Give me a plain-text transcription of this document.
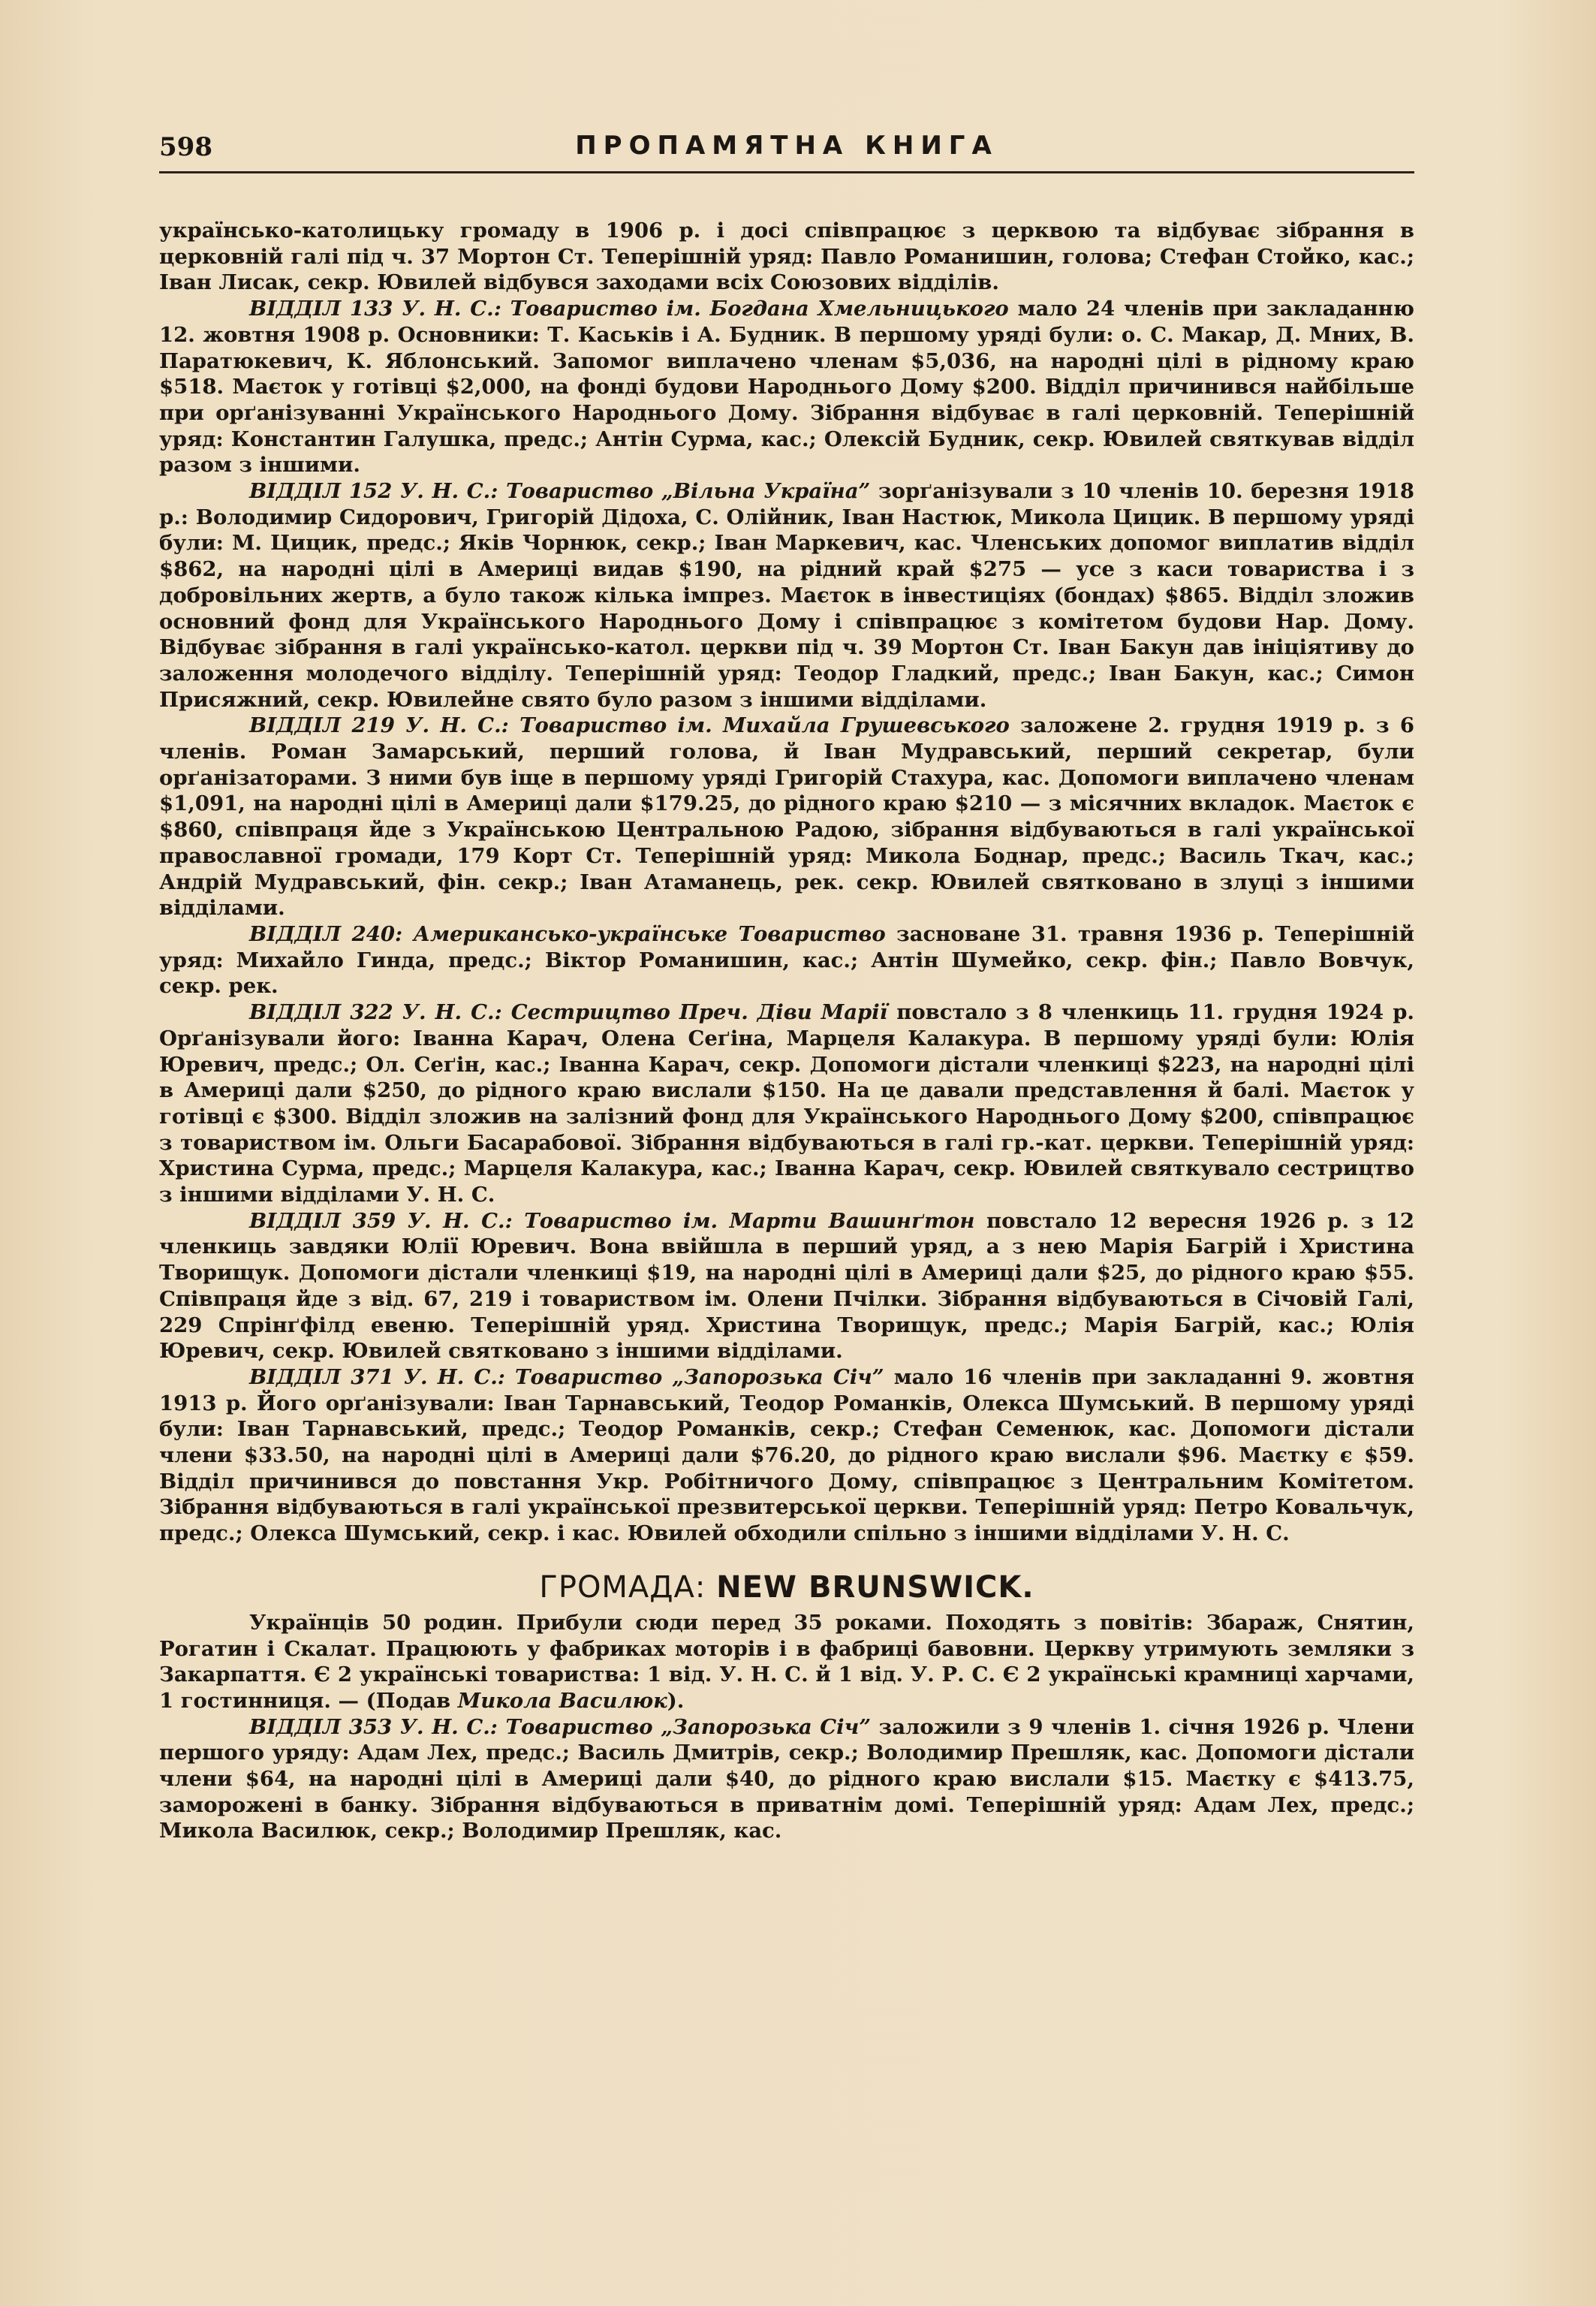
598	ПРОПАМЯТНА КНИГА

українсько-католицьку громаду в 1906 р. і досі співпрацює з церквою та відбуває зібрання в церковній галі під ч. 37 Мортон Ст. Теперішній уряд: Павло Романишин, голова; Стефан Стойко, кас.; Іван Лисак, секр. Ювилей відбувся заходами всіх Союзових відділів.

ВІДДІЛ 133 У. Н. С.: Товариство ім. Богдана Хмельницького мало 24 членів при закладанню 12. жовтня 1908 р. Основники: Т. Каськів і А. Будник. В першому уряді були: о. С. Макар, Д. Мних, В. Паратюкевич, К. Яблонський. Запомог виплачено членам $5,036, на народні цілі в рідному краю $518. Маєток у готівці $2,000, на фонді будови Народнього Дому $200. Відділ причинився найбільше при орґанізуванні Українського Народнього Дому. Зібрання відбуває в галі церковній. Теперішній уряд: Константин Галушка, предс.; Антін Сурма, кас.; Олексій Будник, секр. Ювилей святкував відділ разом з іншими.

ВІДДІЛ 152 У. Н. С.: Товариство „Вільна Україна” зорґанізували з 10 членів 10. березня 1918 р.: Володимир Сидорович, Григорій Дідоха, С. Олійник, Іван Настюк, Микола Цицик. В першому уряді були: М. Цицик, предс.; Яків Чорнюк, секр.; Іван Маркевич, кас. Членських допомог виплатив відділ $862, на народні цілі в Америці видав $190, на рідний край $275 — усе з каси товариства і з добровільних жертв, а було також кілька імпрез. Маєток в інвестиціях (бондах) $865. Відділ зложив основний фонд для Українського Народнього Дому і співпрацює з комітетом будови Нар. Дому. Відбуває зібрання в галі українсько-катол. церкви під ч. 39 Мортон Ст. Іван Бакун дав ініціятиву до заложення молодечого відділу. Теперішній уряд: Теодор Гладкий, предс.; Іван Бакун, кас.; Симон Присяжний, секр. Ювилейне свято було разом з іншими відділами.

ВІДДІЛ 219 У. Н. С.: Товариство ім. Михайла Грушевського заложене 2. грудня 1919 р. з 6 членів. Роман Замарський, перший голова, й Іван Мудравський, перший секретар, були орґанізаторами. З ними був іще в першому уряді Григорій Стахура, кас. Допомоги виплачено членам $1,091, на народні цілі в Америці дали $179.25, до рідного краю $210 — з місячних вкладок. Маєток є $860, співпраця йде з Українською Центральною Радою, зібрання відбуваються в галі української православної громади, 179 Корт Ст. Теперішній уряд: Микола Боднар, предс.; Василь Ткач, кас.; Андрій Мудравський, фін. секр.; Іван Атаманець, рек. секр. Ювилей святковано в злуці з іншими відділами.

ВІДДІЛ 240: Американсько-українське Товариство засноване 31. травня 1936 р. Теперішній уряд: Михайло Гинда, предс.; Віктор Романишин, кас.; Антін Шумейко, секр. фін.; Павло Вовчук, секр. рек.

ВІДДІЛ 322 У. Н. С.: Сестрицтво Преч. Діви Марії повстало з 8 членкиць 11. грудня 1924 р. Орґанізували його: Іванна Карач, Олена Сеґіна, Марцеля Калакура. В першому уряді були: Юлія Юревич, предс.; Ол. Сеґін, кас.; Іванна Карач, секр. Допомоги дістали членкиці $223, на народні цілі в Америці дали $250, до рідного краю вислали $150. На це давали представлення й балі. Маєток у готівці є $300. Відділ зложив на залізний фонд для Українського Народнього Дому $200, співпрацює з товариством ім. Ольги Басарабової. Зібрання відбуваються в галі гр.-кат. церкви. Теперішній уряд: Христина Сурма, предс.; Марцеля Калакура, кас.; Іванна Карач, секр. Ювилей святкувало сестрицтво з іншими відділами У. Н. С.

ВІДДІЛ 359 У. Н. С.: Товариство ім. Марти Вашинґтон повстало 12 вересня 1926 р. з 12 членкиць завдяки Юлії Юревич. Вона ввійшла в перший уряд, а з нею Марія Багрій і Христина Творищук. Допомоги дістали членкиці $19, на народні цілі в Америці дали $25, до рідного краю $55. Співпраця йде з від. 67, 219 і товариством ім. Олени Пчілки. Зібрання відбуваються в Січовій Галі, 229 Спрінґфілд евеню. Теперішній уряд. Христина Творищук, предс.; Марія Багрій, кас.; Юлія Юревич, секр. Ювилей святковано з іншими відділами.

ВІДДІЛ 371 У. Н. С.: Товариство „Запорозька Січ” мало 16 членів при закладанні 9. жовтня 1913 р. Його орґанізували: Іван Тарнавський, Теодор Романків, Олекса Шумський. В першому уряді були: Іван Тарнавський, предс.; Теодор Романків, секр.; Стефан Семенюк, кас. Допомоги дістали члени $33.50, на народні цілі в Америці дали $76.20, до рідного краю вислали $96. Маєтку є $59. Відділ причинився до повстання Укр. Робітничого Дому, співпрацює з Центральним Комітетом. Зібрання відбуваються в галі української презвитерської церкви. Теперішній уряд: Петро Ковальчук, предс.; Олекса Шумський, секр. і кас. Ювилей обходили спільно з іншими відділами У. Н. С.

ГРОМАДА: NEW BRUNSWICK.

Українців 50 родин. Прибули сюди перед 35 роками. Походять з повітів: Збараж, Снятин, Рогатин і Скалат. Працюють у фабриках моторів і в фабриці бавовни. Церкву утримують земляки з Закарпаття. Є 2 українські товариства: 1 від. У. Н. С. й 1 від. У. Р. С. Є 2 українські крамниці харчами, 1 гостинниця. — (Подав Микола Василюк).

ВІДДІЛ 353 У. Н. С.: Товариство „Запорозька Січ” заложили з 9 членів 1. січня 1926 р. Члени першого уряду: Адам Лех, предс.; Василь Дмитрів, секр.; Володимир Прешляк, кас. Допомоги дістали члени $64, на народні цілі в Америці дали $40, до рідного краю вислали $15. Маєтку є $413.75, заморожені в банку. Зібрання відбуваються в приватнім домі. Теперішній уряд: Адам Лех, предс.; Микола Василюк, секр.; Володимир Прешляк, кас.
